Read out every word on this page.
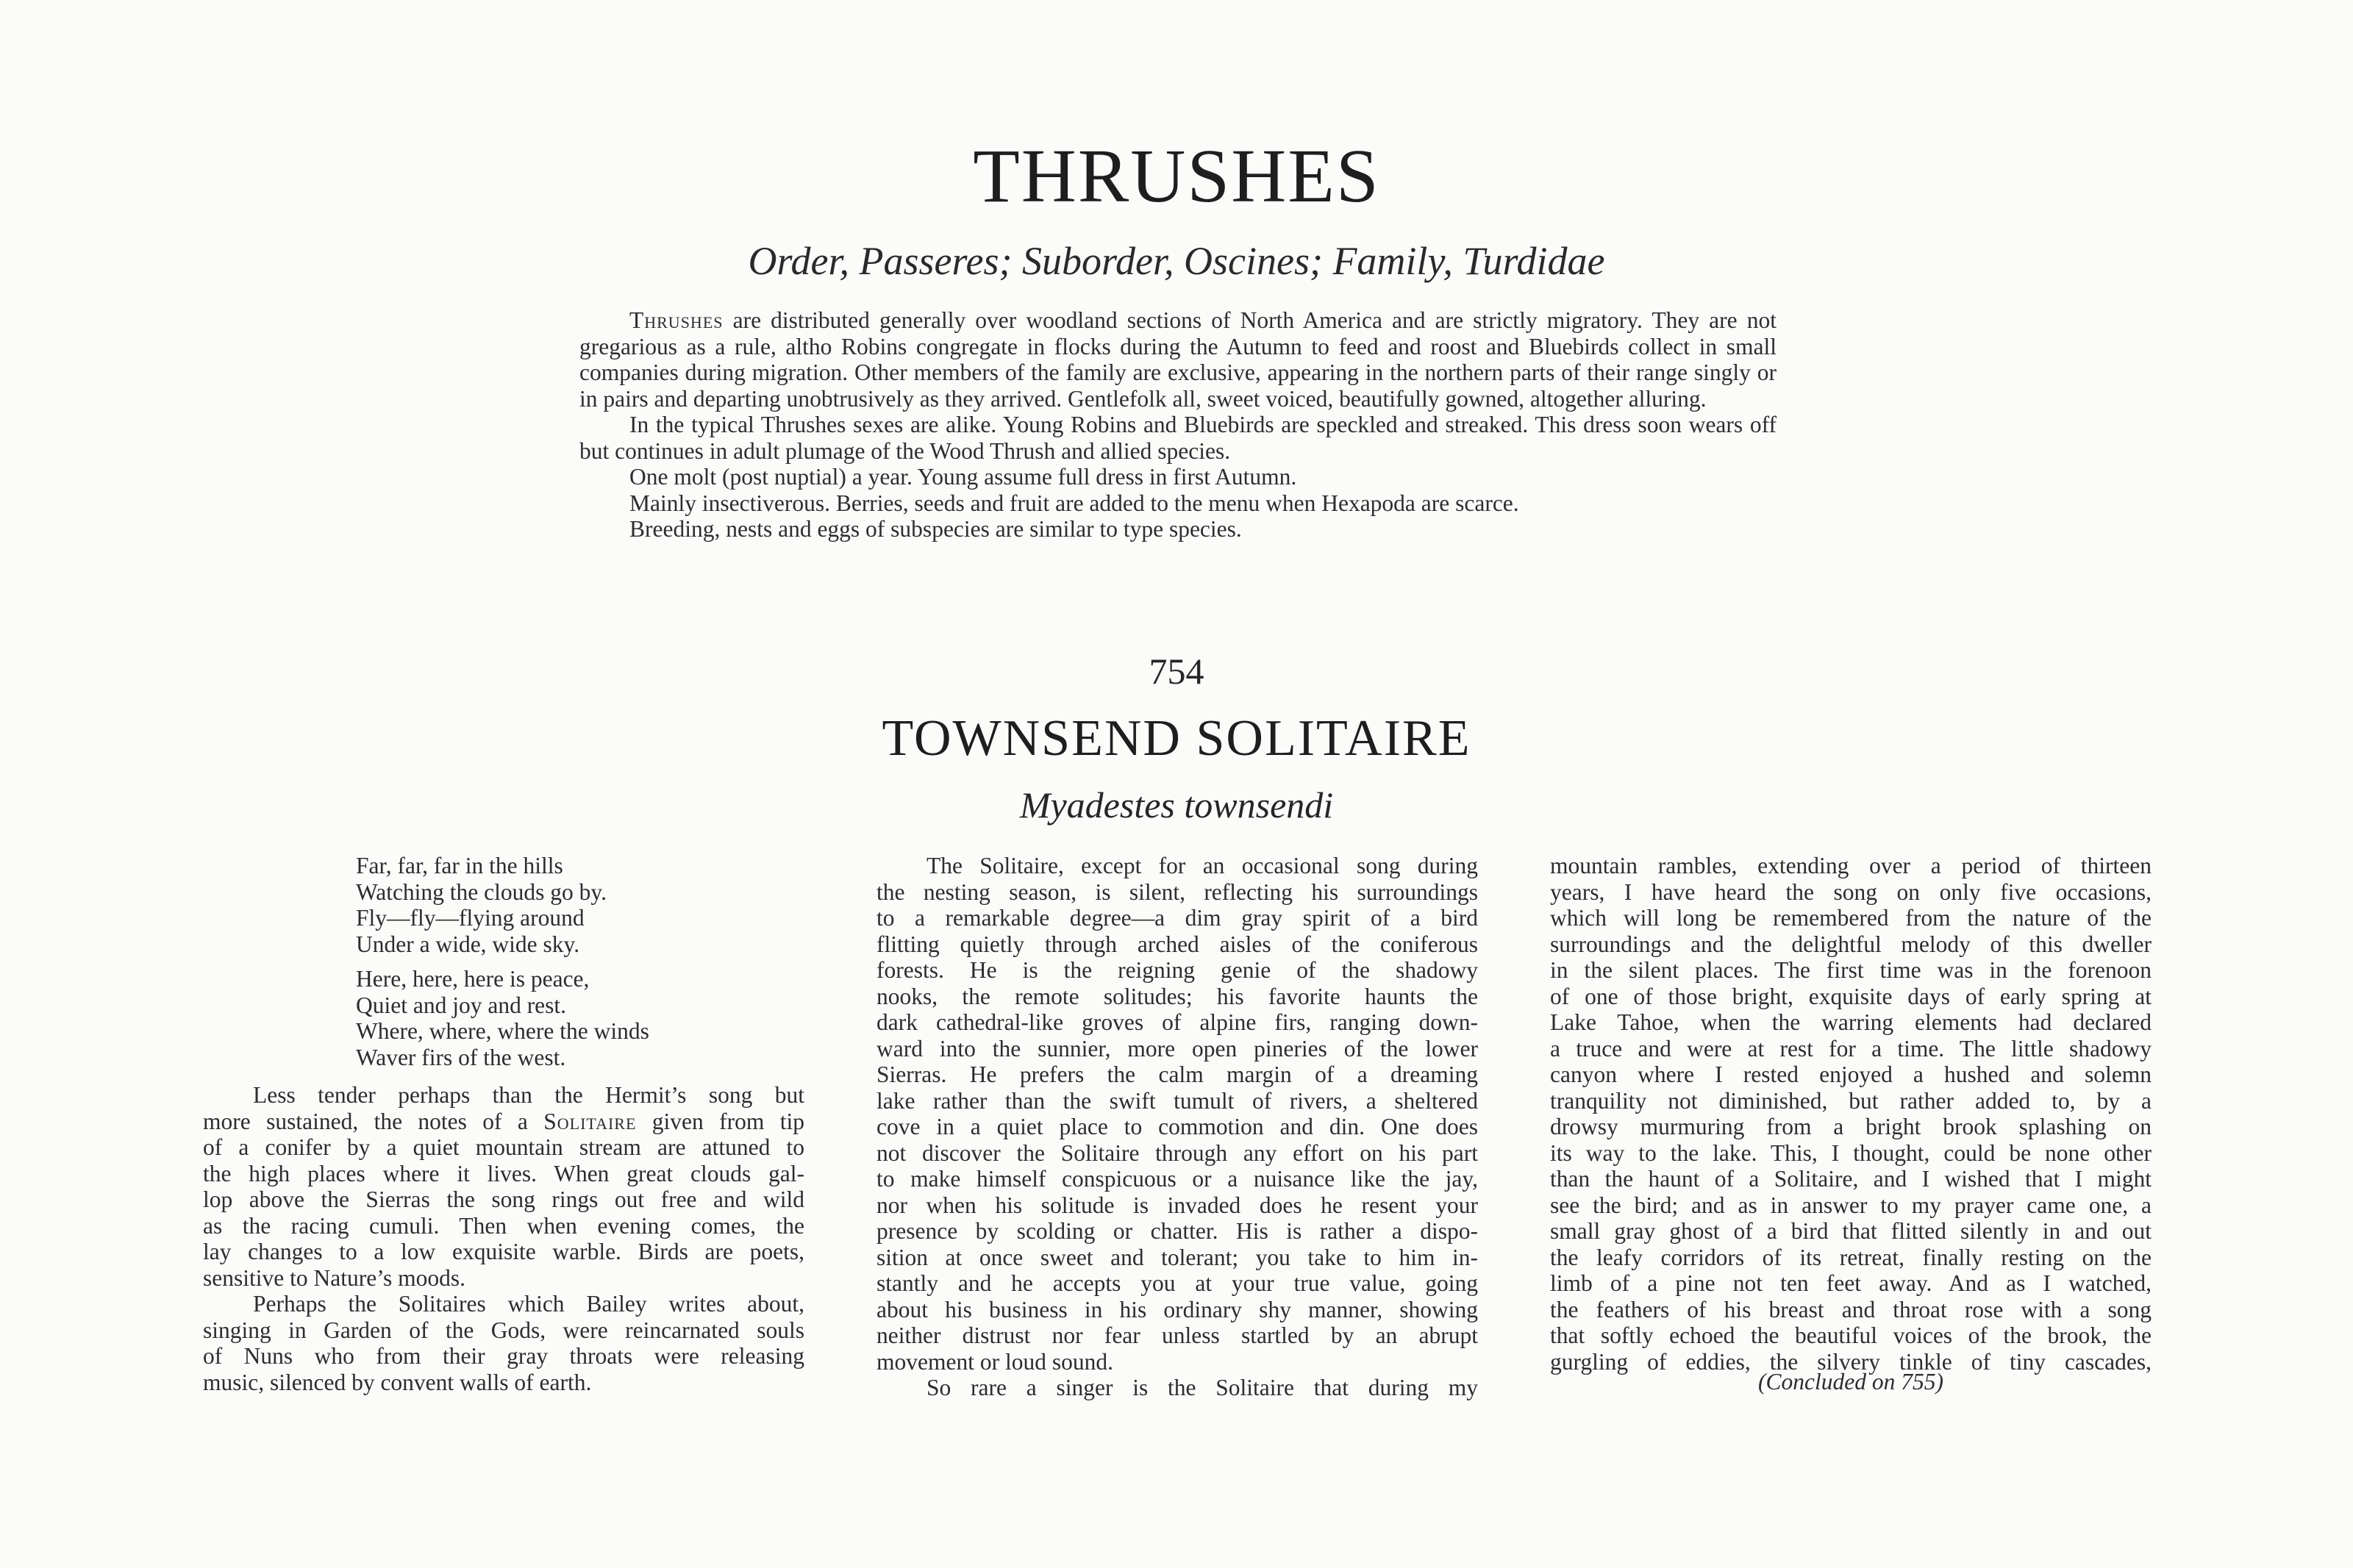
THRUSHES
Order, Passeres; Suborder, Oscines; Family, Turdidae

Thrushes are distributed generally over woodland sections of North America and are strictly migratory. They are not gregarious as a rule, altho Robins congregate in flocks during the Autumn to feed and roost and Bluebirds collect in small companies during migration. Other members of the family are exclusive, appearing in the northern parts of their range singly or in pairs and departing unobtrusively as they arrived. Gentlefolk all, sweet voiced, beautifully gowned, altogether alluring.

In the typical Thrushes sexes are alike. Young Robins and Bluebirds are speckled and streaked. This dress soon wears off but continues in adult plumage of the Wood Thrush and allied species.

One molt (post nuptial) a year. Young assume full dress in first Autumn.

Mainly insectiverous. Berries, seeds and fruit are added to the menu when Hexapoda are scarce.

Breeding, nests and eggs of subspecies are similar to type species.

754
TOWNSEND SOLITAIRE
Myadestes townsendi
Far, far, far in the hills
Watching the clouds go by.
Fly—fly—flying around
Under a wide, wide sky.
Here, here, here is peace,
Quiet and joy and rest.
Where, where, where the winds
Waver firs of the west.

Less tender perhaps than the Hermit’s song but

more sustained, the notes of a Solitaire given from tip

of a conifer by a quiet mountain stream are attuned to

the high places where it lives. When great clouds gal-

lop above the Sierras the song rings out free and wild

as the racing cumuli. Then when evening comes, the

lay changes to a low exquisite warble. Birds are poets,

sensitive to Nature’s moods.

Perhaps the Solitaires which Bailey writes about,

singing in Garden of the Gods, were reincarnated souls

of Nuns who from their gray throats were releasing

music, silenced by convent walls of earth.

The Solitaire, except for an occasional song during

the nesting season, is silent, reflecting his surroundings

to a remarkable degree—a dim gray spirit of a bird

flitting quietly through arched aisles of the coniferous

forests. He is the reigning genie of the shadowy

nooks, the remote solitudes; his favorite haunts the

dark cathedral-like groves of alpine firs, ranging down-

ward into the sunnier, more open pineries of the lower

Sierras. He prefers the calm margin of a dreaming

lake rather than the swift tumult of rivers, a sheltered

cove in a quiet place to commotion and din. One does

not discover the Solitaire through any effort on his part

to make himself conspicuous or a nuisance like the jay,

nor when his solitude is invaded does he resent your

presence by scolding or chatter. His is rather a dispo-

sition at once sweet and tolerant; you take to him in-

stantly and he accepts you at your true value, going

about his business in his ordinary shy manner, showing

neither distrust nor fear unless startled by an abrupt

movement or loud sound.

So rare a singer is the Solitaire that during my

mountain rambles, extending over a period of thirteen

years, I have heard the song on only five occasions,

which will long be remembered from the nature of the

surroundings and the delightful melody of this dweller

in the silent places. The first time was in the forenoon

of one of those bright, exquisite days of early spring at

Lake Tahoe, when the warring elements had declared

a truce and were at rest for a time. The little shadowy

canyon where I rested enjoyed a hushed and solemn

tranquility not diminished, but rather added to, by a

drowsy murmuring from a bright brook splashing on

its way to the lake. This, I thought, could be none other

than the haunt of a Solitaire, and I wished that I might

see the bird; and as in answer to my prayer came one, a

small gray ghost of a bird that flitted silently in and out

the leafy corridors of its retreat, finally resting on the

limb of a pine not ten feet away. And as I watched,

the feathers of his breast and throat rose with a song

that softly echoed the beautiful voices of the brook, the

gurgling of eddies, the silvery tinkle of tiny cascades,

(Concluded on 755)
